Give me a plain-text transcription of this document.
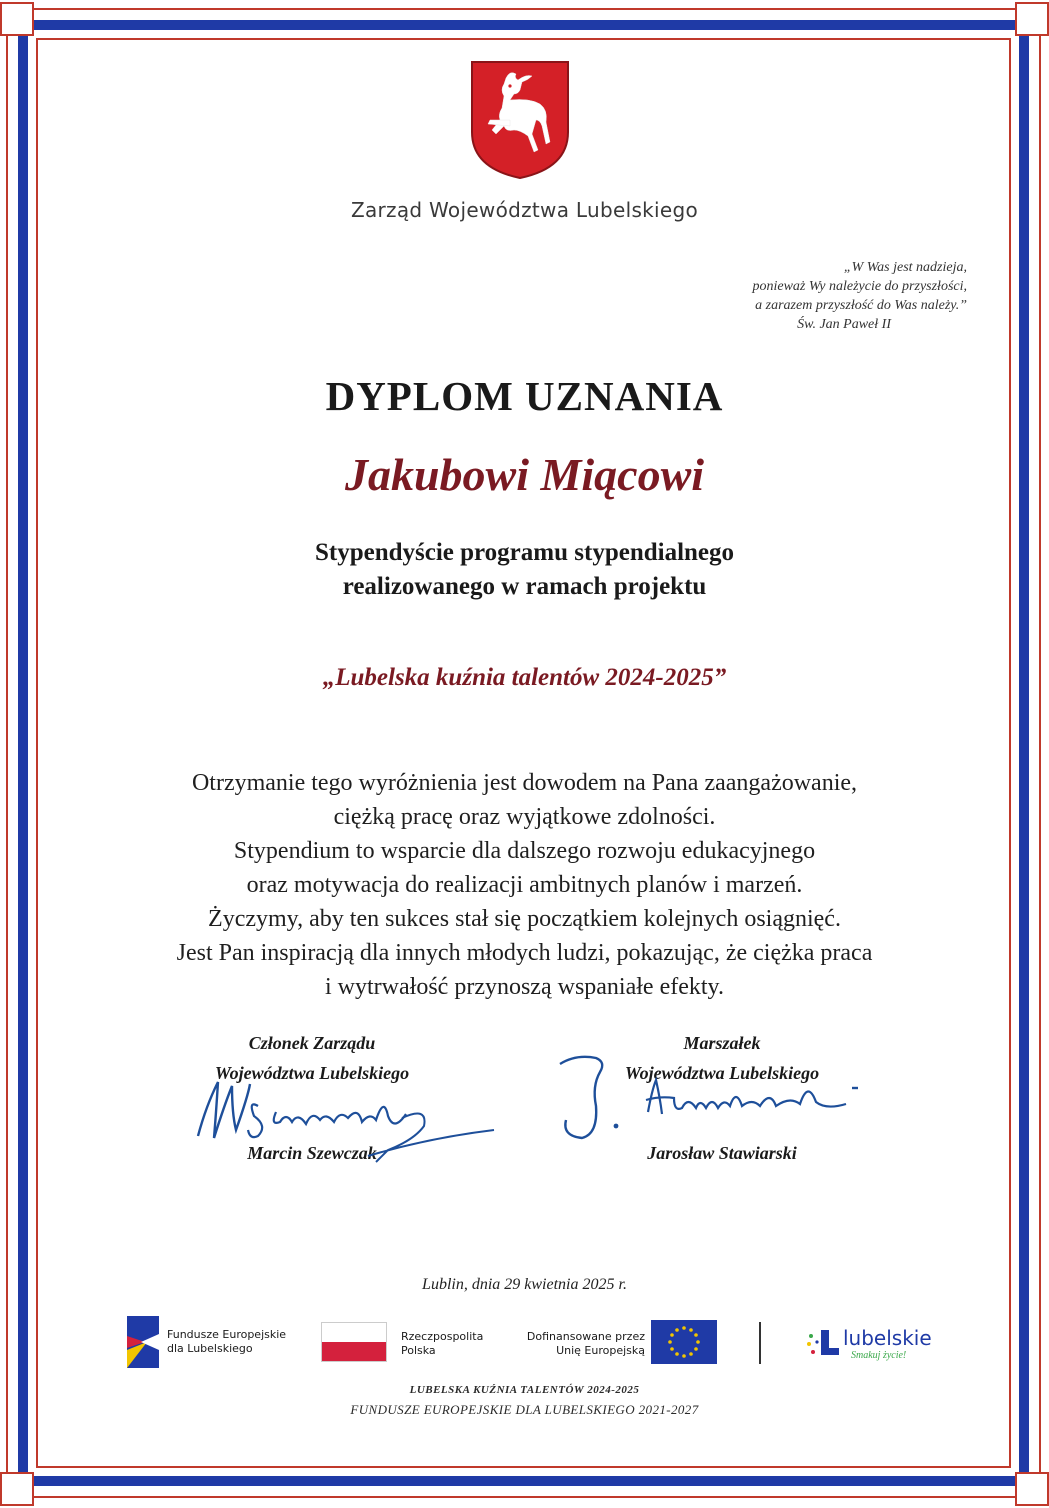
Zarząd Województwa Lubelskiego
„W Was jest nadzieja,
ponieważ Wy należycie do przyszłości,
a zarazem przyszłość do Was należy.”
Św. Jan Paweł II
DYPLOM UZNANIA
Jakubowi Miącowi
Stypendyście programu stypendialnego
realizowanego w ramach projektu
„Lubelska kuźnia talentów 2024-2025”
Otrzymanie tego wyróżnienia jest dowodem na Pana zaangażowanie,
ciężką pracę oraz wyjątkowe zdolności.
Stypendium to wsparcie dla dalszego rozwoju edukacyjnego
oraz motywacja do realizacji ambitnych planów i marzeń.
Życzymy, aby ten sukces stał się początkiem kolejnych osiągnięć.
Jest Pan inspiracją dla innych młodych ludzi, pokazując, że ciężka praca
i wytrwałość przynoszą wspaniałe efekty.
Członek Zarządu
Województwa Lubelskiego
Marcin Szewczak
Marszałek
Województwa Lubelskiego
Jarosław Stawiarski
Lublin, dnia 29 kwietnia 2025 r.
Fundusze Europejskie
dla Lubelskiego
Rzeczpospolita
Polska
Dofinansowane przez
Unię Europejską
lubelskie
Smakuj życie!
LUBELSKA KUŹNIA TALENTÓW 2024-2025
FUNDUSZE EUROPEJSKIE DLA LUBELSKIEGO 2021-2027
